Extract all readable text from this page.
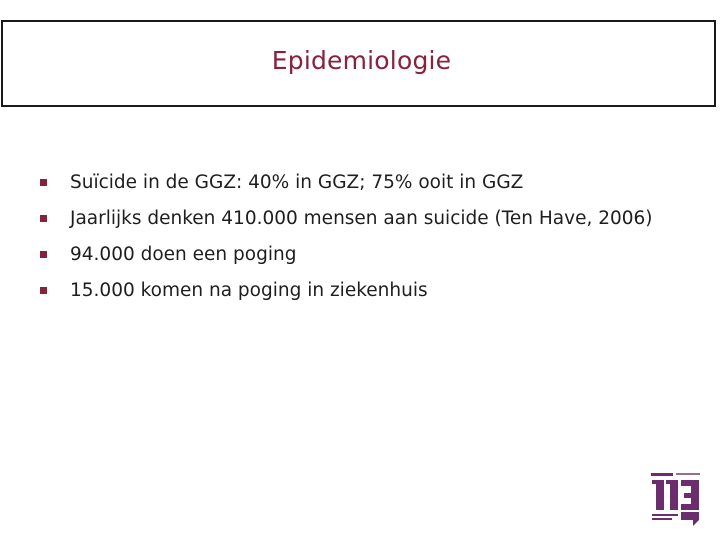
Epidemiologie
Suïcide in de GGZ: 40% in GGZ; 75% ooit in GGZ
Jaarlijks denken 410.000 mensen aan suicide (Ten Have, 2006)
94.000 doen een poging
15.000 komen na poging in ziekenhuis
